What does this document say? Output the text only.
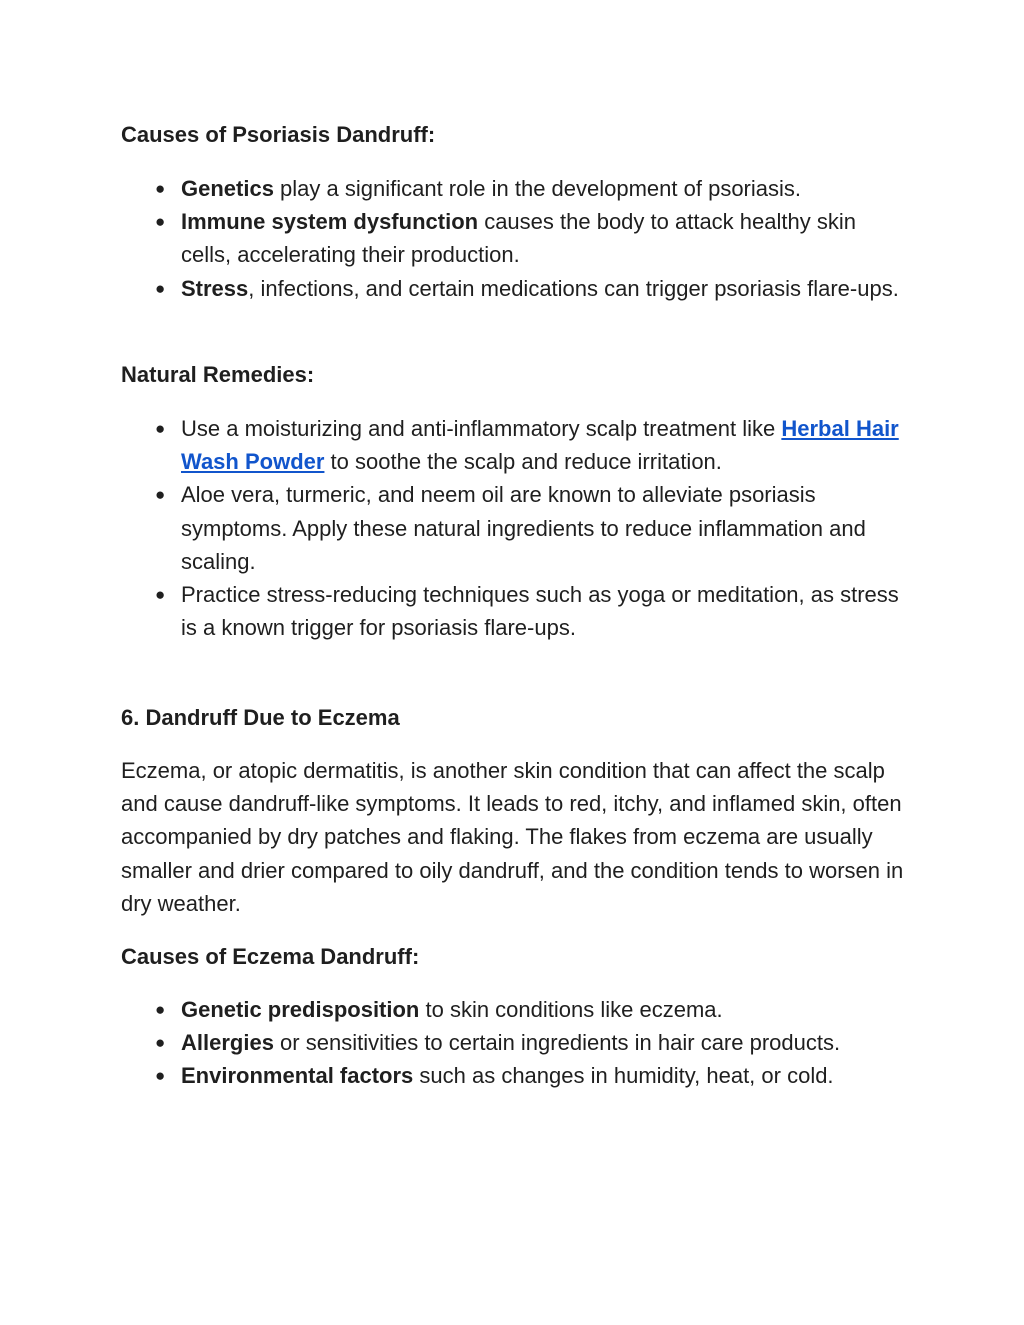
Causes of Psoriasis Dandruff:
● Genetics play a significant role in the development of psoriasis.
● Immune system dysfunction causes the body to attack healthy skin cells, accelerating their production.
● Stress, infections, and certain medications can trigger psoriasis flare-ups.
Natural Remedies:
● Use a moisturizing and anti-inflammatory scalp treatment like Herbal Hair Wash Powder to soothe the scalp and reduce irritation.
● Aloe vera, turmeric, and neem oil are known to alleviate psoriasis symptoms. Apply these natural ingredients to reduce inflammation and scaling.
● Practice stress-reducing techniques such as yoga or meditation, as stress is a known trigger for psoriasis flare-ups.
6. Dandruff Due to Eczema

Eczema, or atopic dermatitis, is another skin condition that can affect the scalp and cause dandruff-like symptoms. It leads to red, itchy, and inflamed skin, often accompanied by dry patches and flaking. The flakes from eczema are usually smaller and drier compared to oily dandruff, and the condition tends to worsen in dry weather.

Causes of Eczema Dandruff:
● Genetic predisposition to skin conditions like eczema.
● Allergies or sensitivities to certain ingredients in hair care products.
● Environmental factors such as changes in humidity, heat, or cold.
